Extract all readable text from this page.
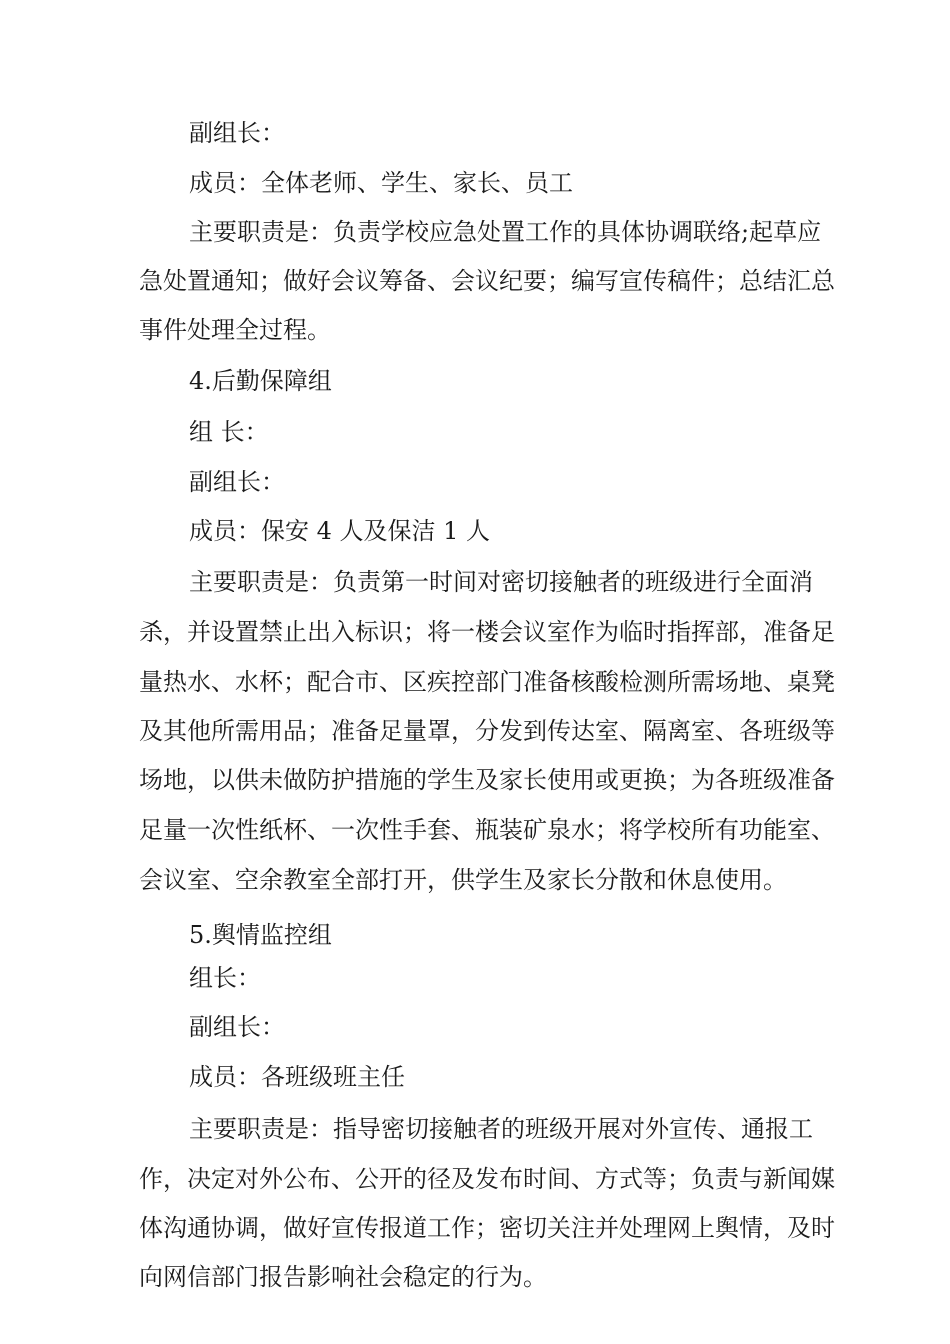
副组长：
成员：全体老师、学生、家长、员工
主要职责是：负责学校应急处置工作的具体协调联络;起草应
急处置通知；做好会议筹备、会议纪要；编写宣传稿件；总结汇总
事件处理全过程。
4.后勤保障组
组 长：
副组长：
成员：保安 4 人及保洁 1 人
主要职责是：负责第一时间对密切接触者的班级进行全面消
杀，并设置禁止出入标识；将一楼会议室作为临时指挥部，准备足
量热水、水杯；配合市、区疾控部门准备核酸检测所需场地、桌凳
及其他所需用品；准备足量罩，分发到传达室、隔离室、各班级等
场地，以供未做防护措施的学生及家长使用或更换；为各班级准备
足量一次性纸杯、一次性手套、瓶装矿泉水；将学校所有功能室、
会议室、空余教室全部打开，供学生及家长分散和休息使用。
5.舆情监控组
组长：
副组长：
成员：各班级班主任
主要职责是：指导密切接触者的班级开展对外宣传、通报工
作，决定对外公布、公开的径及发布时间、方式等；负责与新闻媒
体沟通协调，做好宣传报道工作；密切关注并处理网上舆情，及时
向网信部门报告影响社会稳定的行为。
